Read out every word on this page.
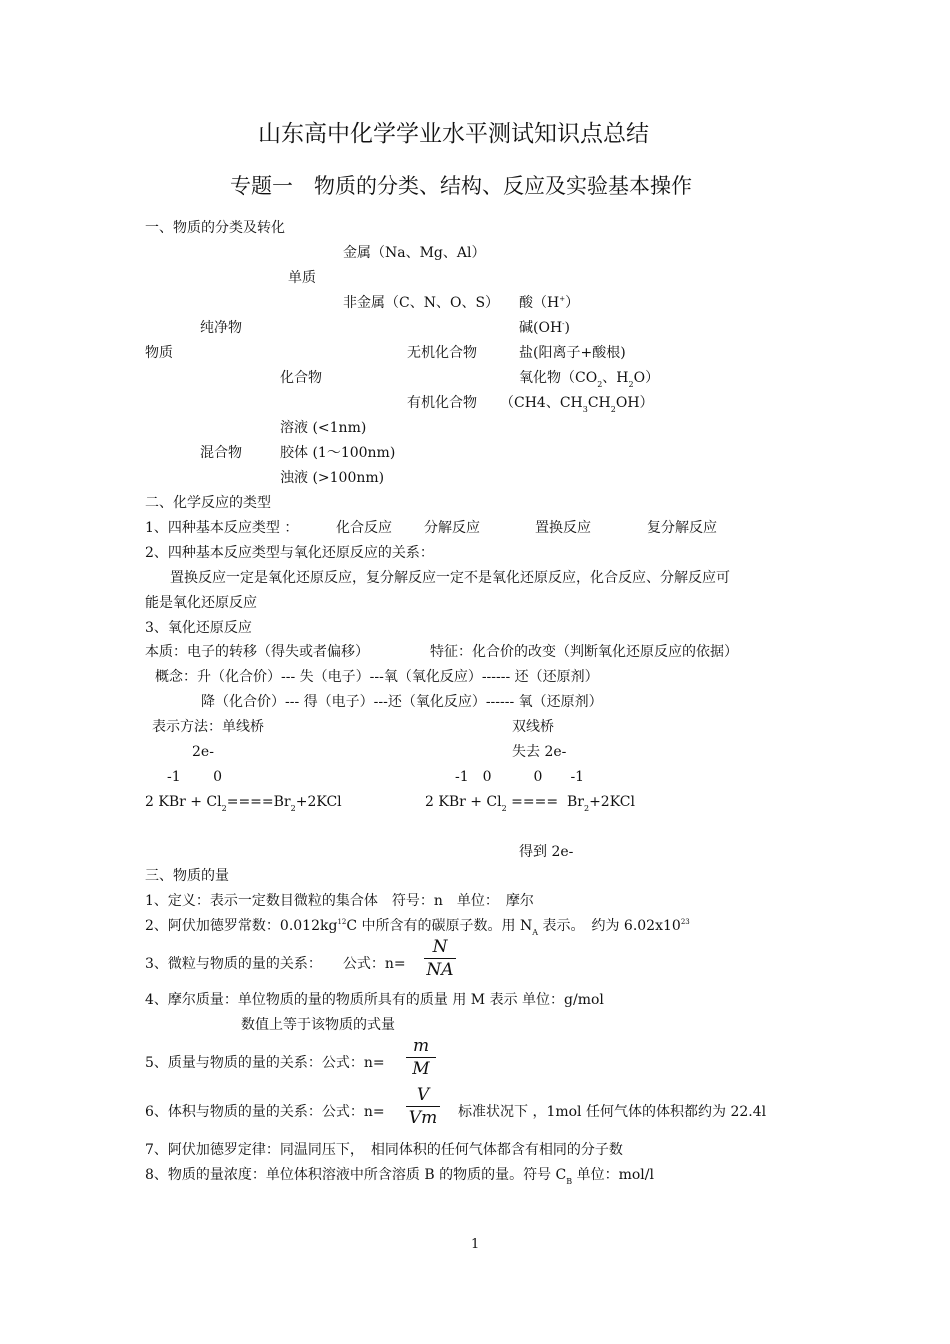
山东高中化学学业水平测试知识点总结
专题一　物质的分类、结构、反应及实验基本操作
一、物质的分类及转化
金属（Na、Mg、Al）
单质
非金属（C、N、O、S） 酸（H+）
纯净物	碱(OH-)
物质	无机化合物	盐(阳离子+酸根)
化合物	氧化物（$CO_2$、$H_2O$）
有机化合物 （CH4、$CH_3CH_2OH$）
溶液 (<1nm)
混合物	胶体 (1～100nm)
浊液 (>100nm)
二、化学反应的类型
1、四种基本反应类型 ：	化合反应 分解反应	置换反应	复分解反应
2、四种基本反应类型与氧化还原反应的关系：
置换反应一定是氧化还原反应，复分解反应一定不是氧化还原反应，化合反应、分解反应可
能是氧化还原反应
3、氧化还原反应
本质：电子的转移（得失或者偏移）	特征：化合价的改变（判断氧化还原反应的依据）
概念：升（化合价）--- 失（电子）---氧（氧化反应）------ 还（还原剂）
降（化合价）--- 得（电子）---还（氧化反应）------ 氧（还原剂）
表示方法：单线桥	双线桥
2e-	失去 2e-
-1　　 0	-1　0　　　0　　-1
2 KBr + $Cl_2====Br_2+2KCl$	2 KBr + $Cl_2$ ====  $Br_2+2KCl$
得到 2e-
三、物质的量
1、定义：表示一定数目微粒的集合体　符号：n　单位：　摩尔
2、阿伏加德罗常数：$0.012kg^{12}C$ 中所含有的碳原子数。用 $N_A$ 表示。　约为 $6.02x10^{23}$
3、微粒与物质的量的关系：　　公式：n=
N
NA
4、摩尔质量：单位物质的量的物质所具有的质量 用 M 表示 单位：g/mol
数值上等于该物质的式量
5、质量与物质的量的关系：公式：n=
m
M
6、体积与物质的量的关系：公式：n=
V
Vm 标准状况下 ，1mol 任何气体的体积都约为 22.4l
7、阿伏加德罗定律：同温同压下，　相同体积的任何气体都含有相同的分子数
8、物质的量浓度：单位体积溶液中所含溶质 B 的物质的量。符号 $C_B$ 单位：mol/l
1
